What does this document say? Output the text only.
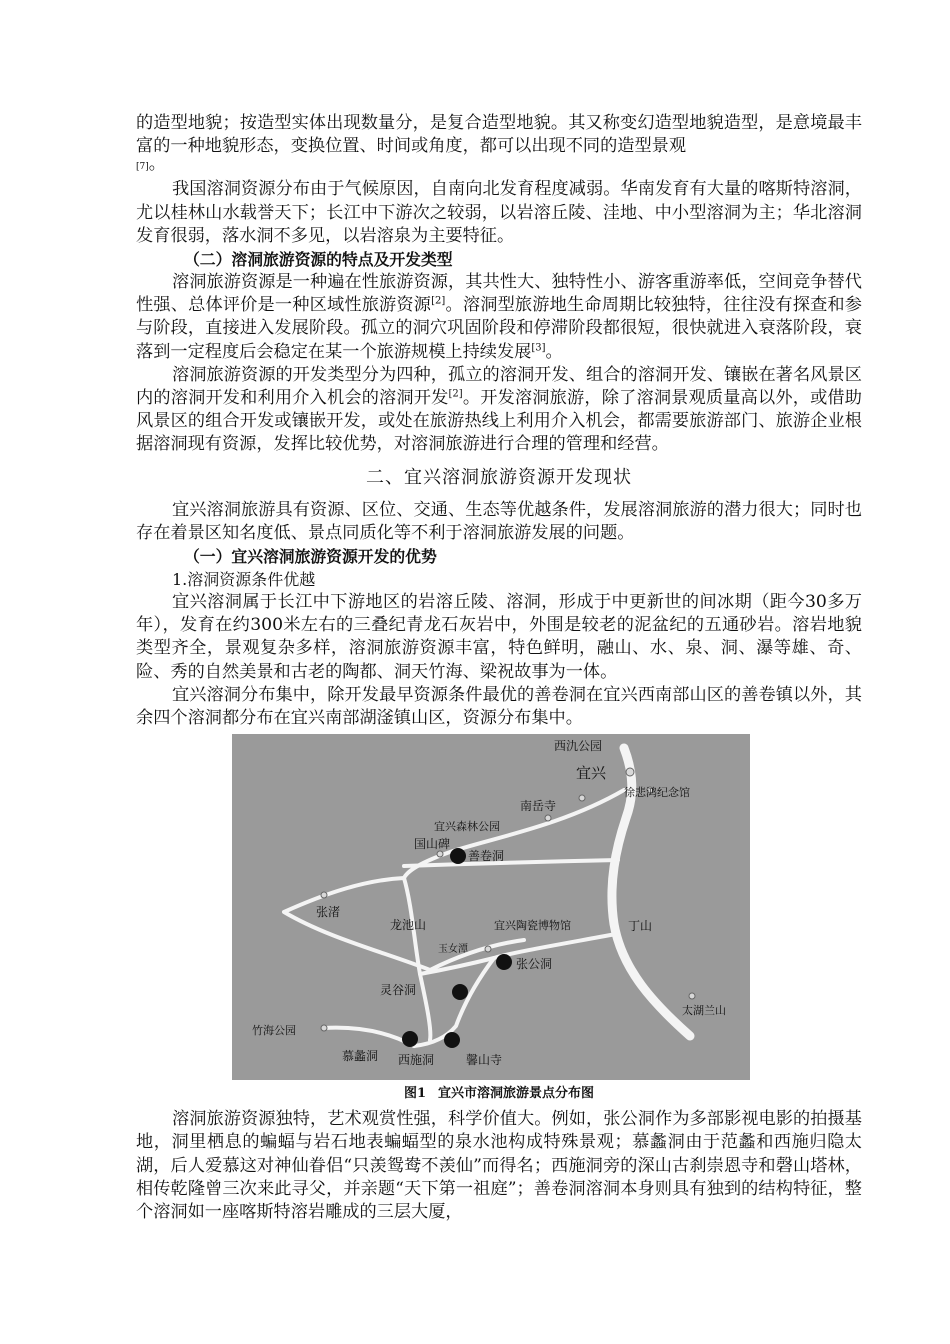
的造型地貌；按造型实体出现数量分，是复合造型地貌。其又称变幻造型地貌造型，是意境最丰富的一种地貌形态，变换位置、时间或角度，都可以出现不同的造型景观

[7]。

我国溶洞资源分布由于气候原因，自南向北发育程度减弱。华南发育有大量的喀斯特溶洞，尤以桂林山水载誉天下；长江中下游次之较弱，以岩溶丘陵、洼地、中小型溶洞为主；华北溶洞发育很弱，落水洞不多见，以岩溶泉为主要特征。

（二）溶洞旅游资源的特点及开发类型

溶洞旅游资源是一种遍在性旅游资源，其共性大、独特性小、游客重游率低，空间竞争替代性强、总体评价是一种区域性旅游资源[2]。溶洞型旅游地生命周期比较独特，往往没有探查和参与阶段，直接进入发展阶段。孤立的洞穴巩固阶段和停滞阶段都很短，很快就进入衰落阶段，衰落到一定程度后会稳定在某一个旅游规模上持续发展[3]。

溶洞旅游资源的开发类型分为四种，孤立的溶洞开发、组合的溶洞开发、镶嵌在著名风景区内的溶洞开发和利用介入机会的溶洞开发[2]。开发溶洞旅游，除了溶洞景观质量高以外，或借助风景区的组合开发或镶嵌开发，或处在旅游热线上利用介入机会，都需要旅游部门、旅游企业根据溶洞现有资源，发挥比较优势，对溶洞旅游进行合理的管理和经营。

二、宜兴溶洞旅游资源开发现状

宜兴溶洞旅游具有资源、区位、交通、生态等优越条件，发展溶洞旅游的潜力很大；同时也存在着景区知名度低、景点同质化等不利于溶洞旅游发展的问题。

（一）宜兴溶洞旅游资源开发的优势
1.溶洞资源条件优越

宜兴溶洞属于长江中下游地区的岩溶丘陵、溶洞，形成于中更新世的间冰期（距今30多万年），发育在约300米左右的三叠纪青龙石灰岩中，外围是较老的泥盆纪的五通砂岩。溶岩地貌类型齐全，景观复杂多样，溶洞旅游资源丰富，特色鲜明，融山、水、泉、洞、瀑等雄、奇、险、秀的自然美景和古老的陶都、洞天竹海、梁祝故事为一体。

宜兴溶洞分布集中，除开发最早资源条件最优的善卷洞在宜兴西南部山区的善卷镇以外，其余四个溶洞都分布在宜兴南部湖滏镇山区，资源分布集中。

西氿公园
宜兴
徐悲鸿纪念馆
南岳寺
宜兴森林公园
国山碑
善卷洞
张渚
龙池山	宜兴陶瓷博物馆	丁山
玉女潭
张公洞
灵谷洞
太湖兰山
竹海公园
慕蠡洞 西施洞	馨山寺
图1 宜兴市溶洞旅游景点分布图

溶洞旅游资源独特，艺术观赏性强，科学价值大。例如，张公洞作为多部影视电影的拍摄基地，洞里栖息的蝙蝠与岩石地表蝙蝠型的泉水池构成特殊景观；慕蠡洞由于范蠡和西施归隐太湖，后人爱慕这对神仙眷侣“只羡鸳鸯不羡仙”而得名；西施洞旁的深山古刹崇恩寺和磬山塔林，相传乾隆曾三次来此寻父，并亲题“天下第一祖庭”；善卷洞溶洞本身则具有独到的结构特征，整个溶洞如一座喀斯特溶岩雕成的三层大厦，
